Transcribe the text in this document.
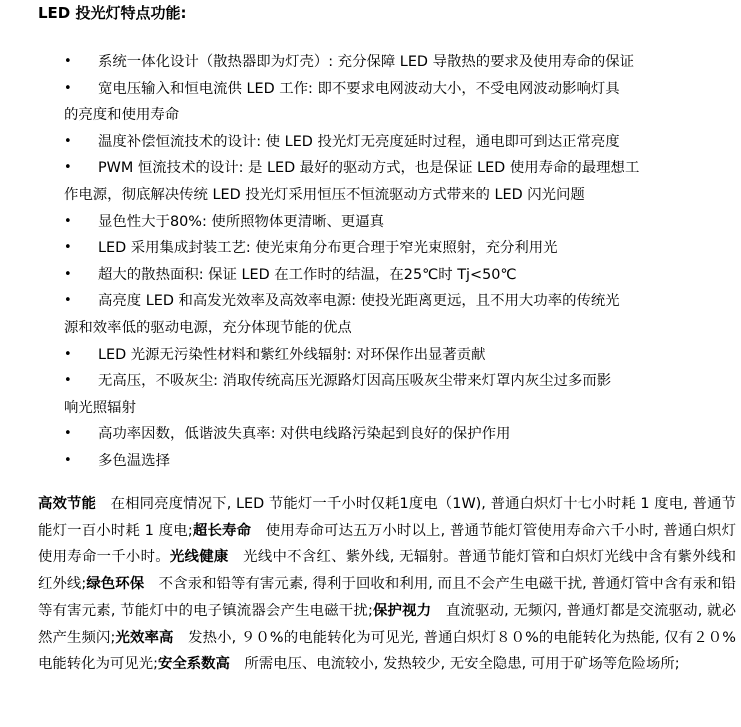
LED 投光灯特点功能:
• 系统一体化设计（散热器即为灯壳）: 充分保障 LED 导散热的要求及使用寿命的保证
• 宽电压输入和恒电流供 LED 工作: 即不要求电网波动大小，不受电网波动影响灯具
的亮度和使用寿命
• 温度补偿恒流技术的设计: 使 LED 投光灯无亮度延时过程，通电即可到达正常亮度
• PWM 恒流技术的设计: 是 LED 最好的驱动方式，也是保证 LED 使用寿命的最理想工
作电源，彻底解决传统 LED 投光灯采用恒压不恒流驱动方式带来的 LED 闪光问题
• 显色性大于80%: 使所照物体更清晰、更逼真
• LED 采用集成封装工艺: 使光束角分布更合理于窄光束照射，充分利用光
• 超大的散热面积: 保证 LED 在工作时的结温，在25℃时 Tj<50℃
• 高亮度 LED 和高发光效率及高效率电源: 使投光距离更远，且不用大功率的传统光
源和效率低的驱动电源，充分体现节能的优点
• LED 光源无污染性材料和紫红外线辐射: 对环保作出显著贡献
• 无高压，不吸灰尘: 消取传统高压光源路灯因高压吸灰尘带来灯罩内灰尘过多而影
响光照辐射
• 高功率因数，低谐波失真率: 对供电线路污染起到良好的保护作用
• 多色温选择

高效节能　在相同亮度情况下, LED 节能灯一千小时仅耗1度电（1W), 普通白炽灯十七小时耗 1 度电, 普通节能灯一百小时耗 1 度电;超长寿命　使用寿命可达五万小时以上, 普通节能灯管使用寿命六千小时, 普通白炽灯使用寿命一千小时。光线健康　光线中不含红、紫外线, 无辐射。普通节能灯管和白炽灯光线中含有紫外线和红外线;绿色环保　不含汞和铅等有害元素, 得利于回收和利用, 而且不会产生电磁干扰, 普通灯管中含有汞和铅等有害元素, 节能灯中的电子镇流器会产生电磁干扰;保护视力　直流驱动, 无频闪, 普通灯都是交流驱动, 就必然产生频闪;光效率高　发热小, ９０%的电能转化为可见光, 普通白炽灯８０%的电能转化为热能, 仅有２０%电能转化为可见光;安全系数高　所需电压、电流较小, 发热较少, 无安全隐患, 可用于矿场等危险场所;
